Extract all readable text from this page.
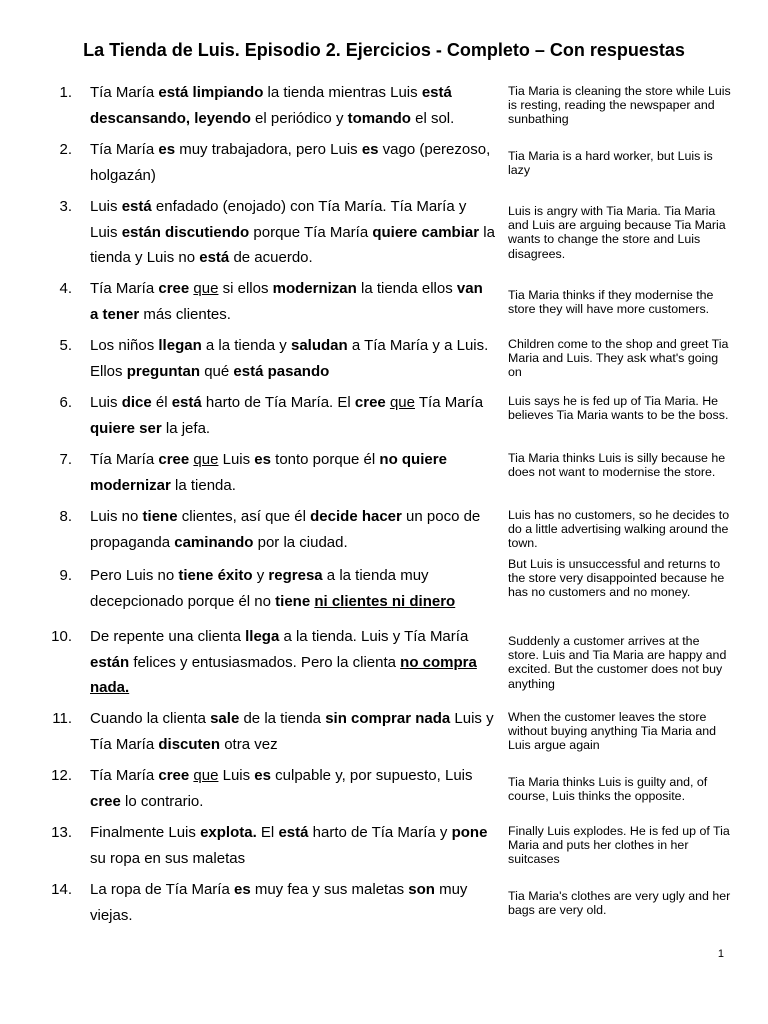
La Tienda de Luis. Episodio 2. Ejercicios - Completo – Con respuestas
1. Tía María está limpiando la tienda mientras Luis está descansando, leyendo el periódico y tomando el sol.
Tia Maria is cleaning the store while Luis is resting, reading the newspaper and sunbathing
2. Tía María es muy trabajadora, pero Luis es vago (perezoso, holgazán)
Tia Maria is a hard worker, but Luis is lazy
3. Luis está enfadado (enojado) con Tía María. Tía María y Luis están discutiendo porque Tía María quiere cambiar la tienda y Luis no está de acuerdo.
Luis is angry with Tia Maria. Tia Maria and Luis are arguing because Tia Maria wants to change the store and Luis disagrees.
4. Tía María cree que si ellos modernizan la tienda ellos van a tener más clientes.
Tia Maria thinks if they modernise the store they will have more customers.
5. Los niños llegan a la tienda y saludan a Tía María y a Luis. Ellos preguntan qué está pasando
Children come to the shop and greet Tia Maria and Luis. They ask what's going on
6. Luis dice él está harto de Tía María. El cree que Tía María quiere ser la jefa.
Luis says he is fed up of Tia Maria. He believes Tia Maria wants to be the boss.
7. Tía María cree que Luis es tonto porque él no quiere modernizar la tienda.
Tia Maria thinks Luis is silly because he does not want to modernise the store.
8. Luis no tiene clientes, así que él decide hacer un poco de propaganda caminando por la ciudad.
Luis has no customers, so he decides to do a little advertising walking around the town.
9. Pero Luis no tiene éxito y regresa a la tienda muy decepcionado porque él no tiene ni clientes ni dinero
But Luis is unsuccessful and returns to the store very disappointed because he has no customers and no money.
10. De repente una clienta llega a la tienda. Luis y Tía María están felices y entusiasmados. Pero la clienta no compra nada.
Suddenly a customer arrives at the store. Luis and Tia Maria are happy and excited. But the customer does not buy anything
11. Cuando la clienta sale de la tienda sin comprar nada Luis y Tía María discuten otra vez
When the customer leaves the store without buying anything Tia Maria and Luis argue again
12. Tía María cree que Luis es culpable y, por supuesto, Luis cree lo contrario.
Tia Maria thinks Luis is guilty and, of course, Luis thinks the opposite.
13. Finalmente Luis explota. El está harto de Tía María y pone su ropa en sus maletas
Finally Luis explodes. He is fed up of Tia Maria and puts her clothes in her suitcases
14. La ropa de Tía María es muy fea y sus maletas son muy viejas.
Tia Maria's clothes are very ugly and her bags are very old.
1
